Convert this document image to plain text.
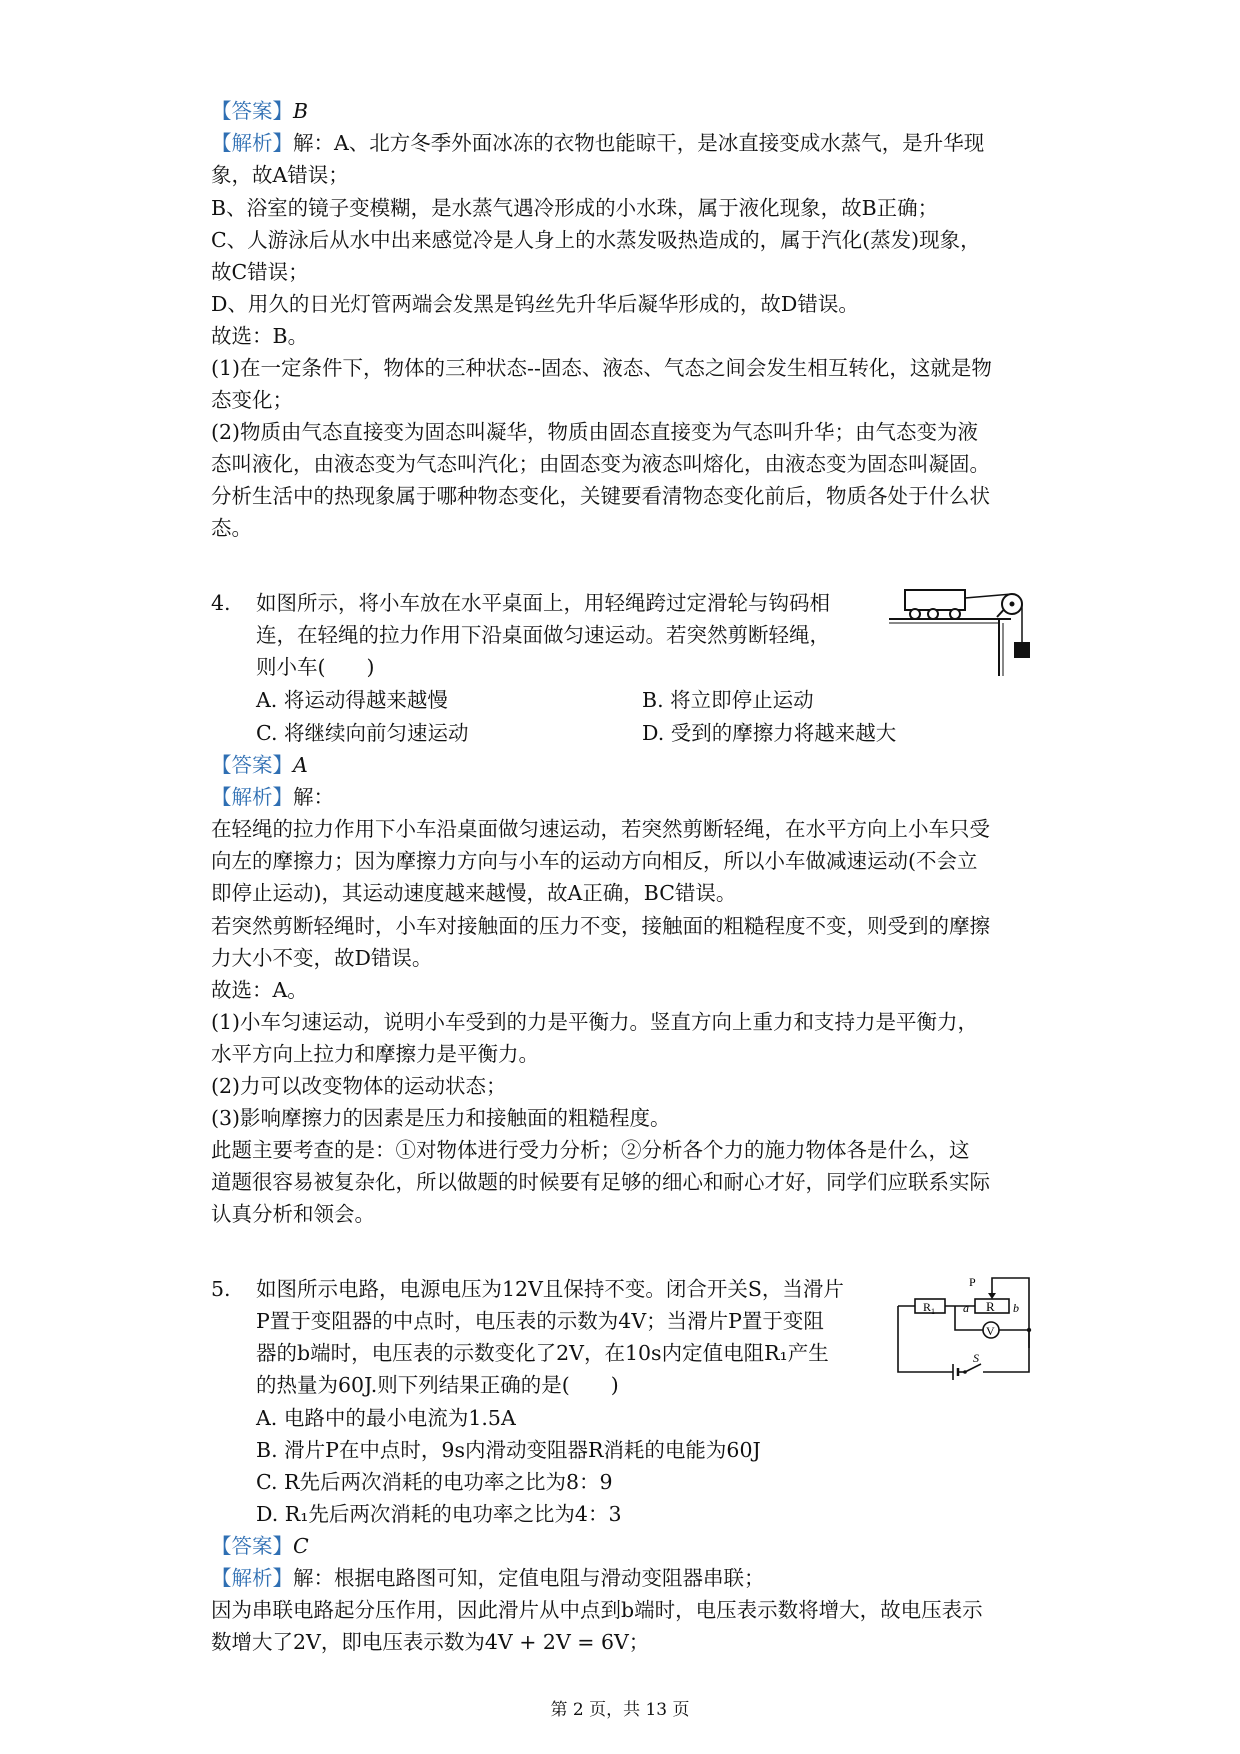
【答案】B
【解析】解：A、北方冬季外面冰冻的衣物也能晾干，是冰直接变成水蒸气，是升华现
象，故A错误；
B、浴室的镜子变模糊，是水蒸气遇冷形成的小水珠，属于液化现象，故B正确；
C、人游泳后从水中出来感觉冷是人身上的水蒸发吸热造成的，属于汽化(蒸发)现象，
故C错误；
D、用久的日光灯管两端会发黑是钨丝先升华后凝华形成的，故D错误。
故选：B。
(1)在一定条件下，物体的三种状态--固态、液态、气态之间会发生相互转化，这就是物
态变化；
(2)物质由气态直接变为固态叫凝华，物质由固态直接变为气态叫升华；由气态变为液
态叫液化，由液态变为气态叫汽化；由固态变为液态叫熔化，由液态变为固态叫凝固。
分析生活中的热现象属于哪种物态变化，关键要看清物态变化前后，物质各处于什么状
态。
4. 如图所示，将小车放在水平桌面上，用轻绳跨过定滑轮与钩码相
连，在轻绳的拉力作用下沿桌面做匀速运动。若突然剪断轻绳，
则小车(　　)
A. 将运动得越来越慢	B. 将立即停止运动
C. 将继续向前匀速运动	D. 受到的摩擦力将越来越大
【答案】A
【解析】解：
在轻绳的拉力作用下小车沿桌面做匀速运动，若突然剪断轻绳，在水平方向上小车只受
向左的摩擦力；因为摩擦力方向与小车的运动方向相反，所以小车做减速运动(不会立
即停止运动)，其运动速度越来越慢，故A正确，BC错误。
若突然剪断轻绳时，小车对接触面的压力不变，接触面的粗糙程度不变，则受到的摩擦
力大小不变，故D错误。
故选：A。
(1)小车匀速运动，说明小车受到的力是平衡力。竖直方向上重力和支持力是平衡力，
水平方向上拉力和摩擦力是平衡力。
(2)力可以改变物体的运动状态；
(3)影响摩擦力的因素是压力和接触面的粗糙程度。
此题主要考查的是：①对物体进行受力分析；②分析各个力的施力物体各是什么，这
道题很容易被复杂化，所以做题的时候要有足够的细心和耐心才好，同学们应联系实际
认真分析和领会。
5. 如图所示电路，电源电压为12V且保持不变。闭合开关S，当滑片
P置于变阻器的中点时，电压表的示数为4V；当滑片P置于变阻
器的b端时，电压表的示数变化了2V，在10s内定值电阻R₁产生
的热量为60J.则下列结果正确的是(　　)
R 1	R
a	b
P
V
S
A. 电路中的最小电流为1.5A
B. 滑片P在中点时，9s内滑动变阻器R消耗的电能为60J
C. R先后两次消耗的电功率之比为8：9
D. R₁先后两次消耗的电功率之比为4：3
【答案】C
【解析】解：根据电路图可知，定值电阻与滑动变阻器串联；
因为串联电路起分压作用，因此滑片从中点到b端时，电压表示数将增大，故电压表示
数增大了2V，即电压表示数为4V + 2V = 6V；
第 2 页，共 13 页
